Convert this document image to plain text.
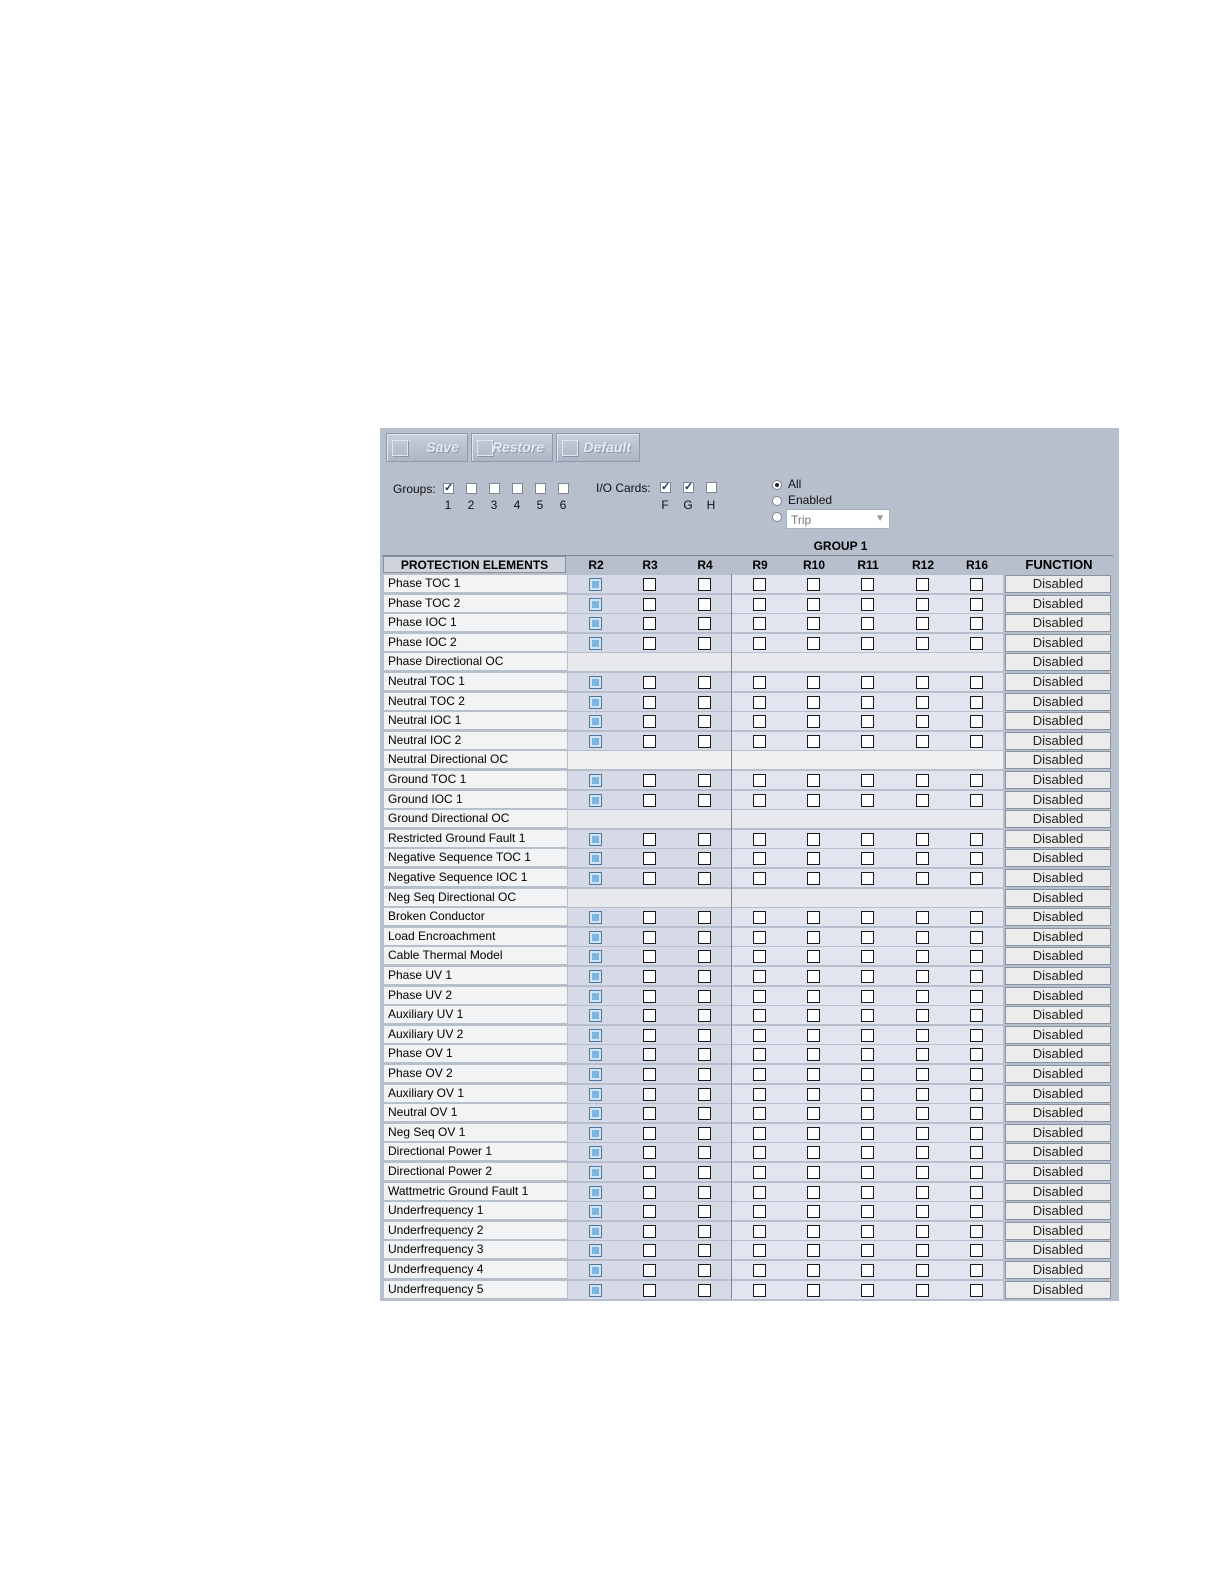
Save Restore	Default
Groups:
✓
1 2 3 4 5 6
I/O Cards:
✓
F
✓ G H
All
Enabled
Trip	▼
GROUP 1
PROTECTION ELEMENTS	R2	R3	R4	R9	R10	R11	R12	R16	FUNCTION
Phase TOC 1	Disabled
Phase TOC 2	Disabled
Phase IOC 1	Disabled
Phase IOC 2	Disabled
Phase Directional OC	Disabled
Neutral TOC 1	Disabled
Neutral TOC 2	Disabled
Neutral IOC 1	Disabled
Neutral IOC 2	Disabled
Neutral Directional OC	Disabled
Ground TOC 1	Disabled
Ground IOC 1	Disabled
Ground Directional OC	Disabled
Restricted Ground Fault 1	Disabled
Negative Sequence TOC 1	Disabled
Negative Sequence IOC 1	Disabled
Neg Seq Directional OC	Disabled
Broken Conductor	Disabled
Load Encroachment	Disabled
Cable Thermal Model	Disabled
Phase UV 1	Disabled
Phase UV 2	Disabled
Auxiliary UV 1	Disabled
Auxiliary UV 2	Disabled
Phase OV 1	Disabled
Phase OV 2	Disabled
Auxiliary OV 1	Disabled
Neutral OV 1	Disabled
Neg Seq OV 1	Disabled
Directional Power 1	Disabled
Directional Power 2	Disabled
Wattmetric Ground Fault 1	Disabled
Underfrequency 1	Disabled
Underfrequency 2	Disabled
Underfrequency 3	Disabled
Underfrequency 4	Disabled
Underfrequency 5	Disabled
